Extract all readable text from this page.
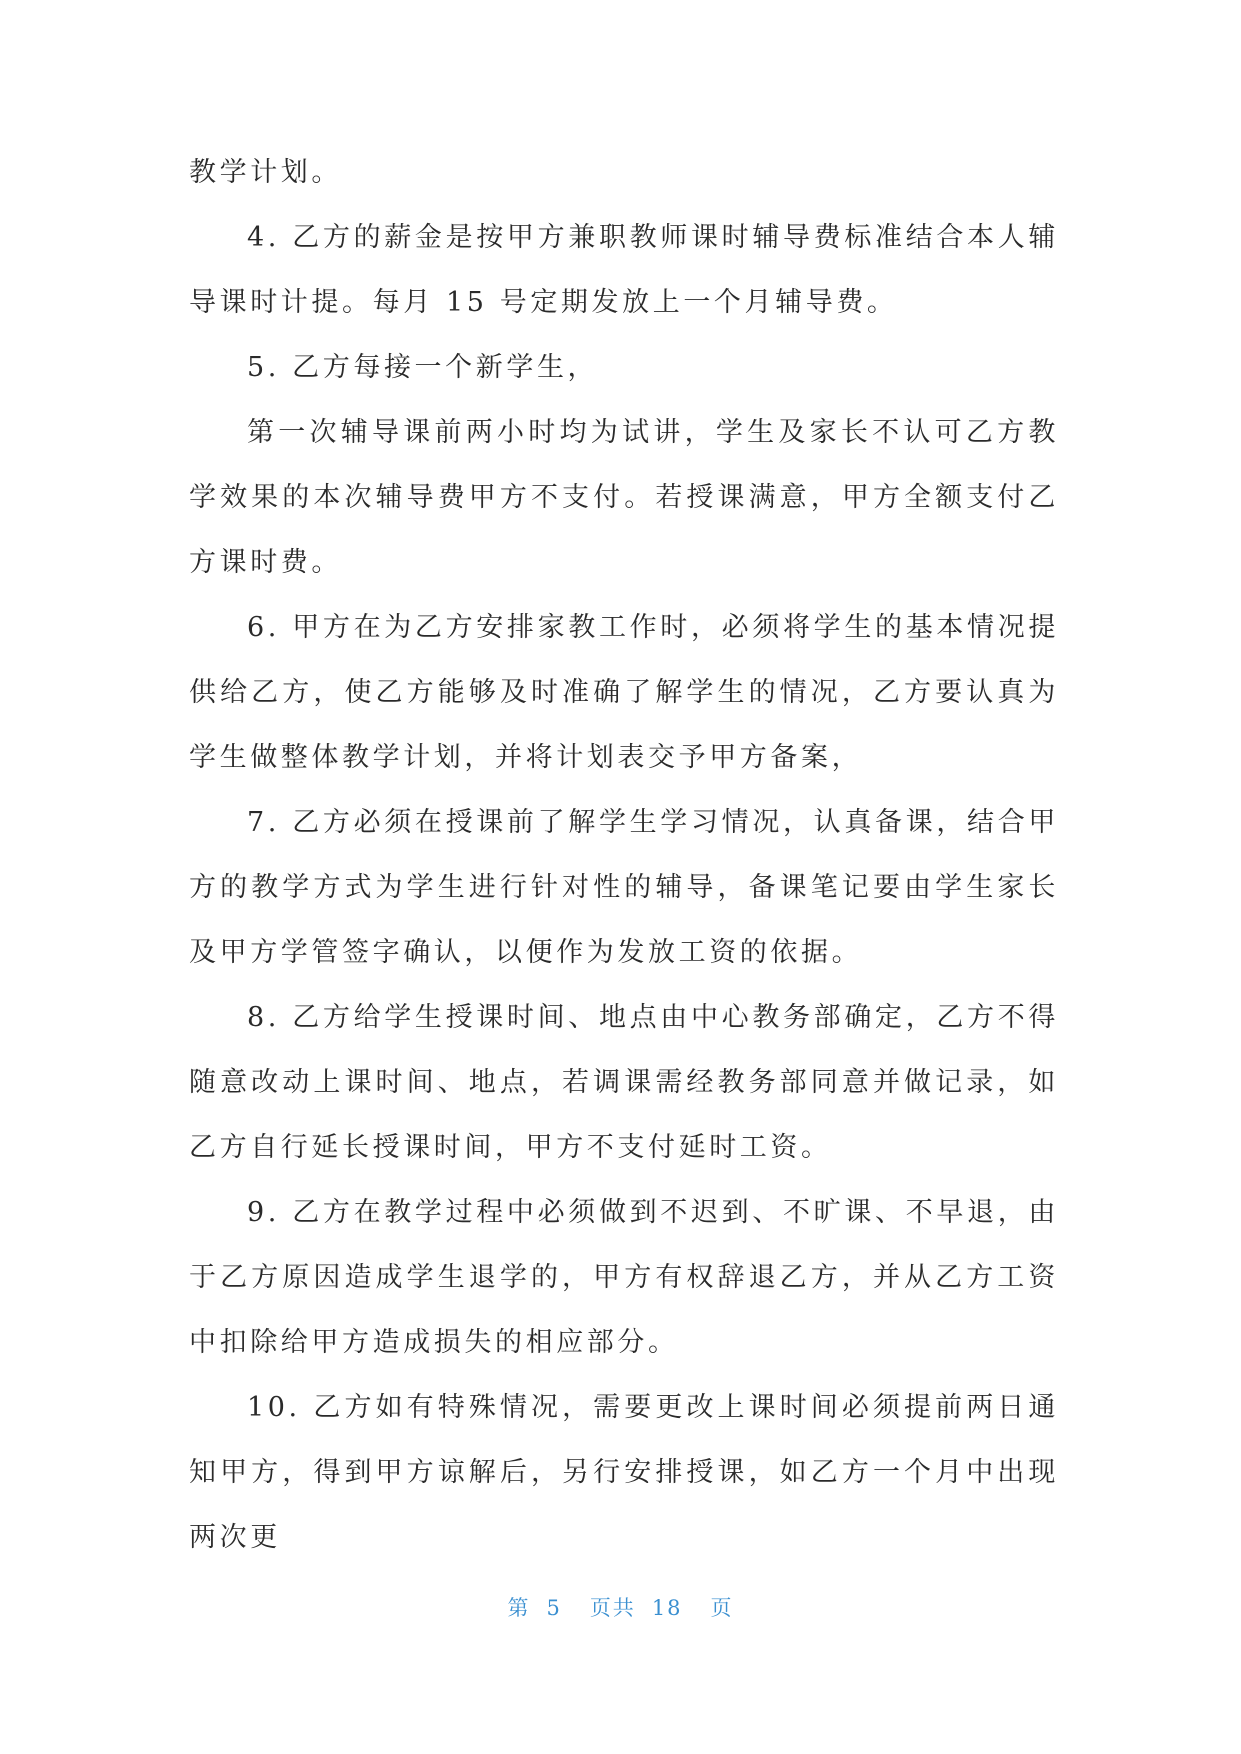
教学计划。

4. 乙方的薪金是按甲方兼职教师课时辅导费标准结合本人辅导课时计提。每月 15 号定期发放上一个月辅导费。

5. 乙方每接一个新学生，

第一次辅导课前两小时均为试讲，学生及家长不认可乙方教学效果的本次辅导费甲方不支付。若授课满意，甲方全额支付乙方课时费。

6. 甲方在为乙方安排家教工作时，必须将学生的基本情况提供给乙方，使乙方能够及时准确了解学生的情况，乙方要认真为学生做整体教学计划，并将计划表交予甲方备案，

7. 乙方必须在授课前了解学生学习情况，认真备课，结合甲方的教学方式为学生进行针对性的辅导，备课笔记要由学生家长及甲方学管签字确认，以便作为发放工资的依据。

8. 乙方给学生授课时间、地点由中心教务部确定，乙方不得随意改动上课时间、地点，若调课需经教务部同意并做记录，如乙方自行延长授课时间，甲方不支付延时工资。

9. 乙方在教学过程中必须做到不迟到、不旷课、不早退，由于乙方原因造成学生退学的，甲方有权辞退乙方，并从乙方工资中扣除给甲方造成损失的相应部分。

10. 乙方如有特殊情况，需要更改上课时间必须提前两日通知甲方，得到甲方谅解后，另行安排授课，如乙方一个月中出现两次更

第 5 页共 18 页
